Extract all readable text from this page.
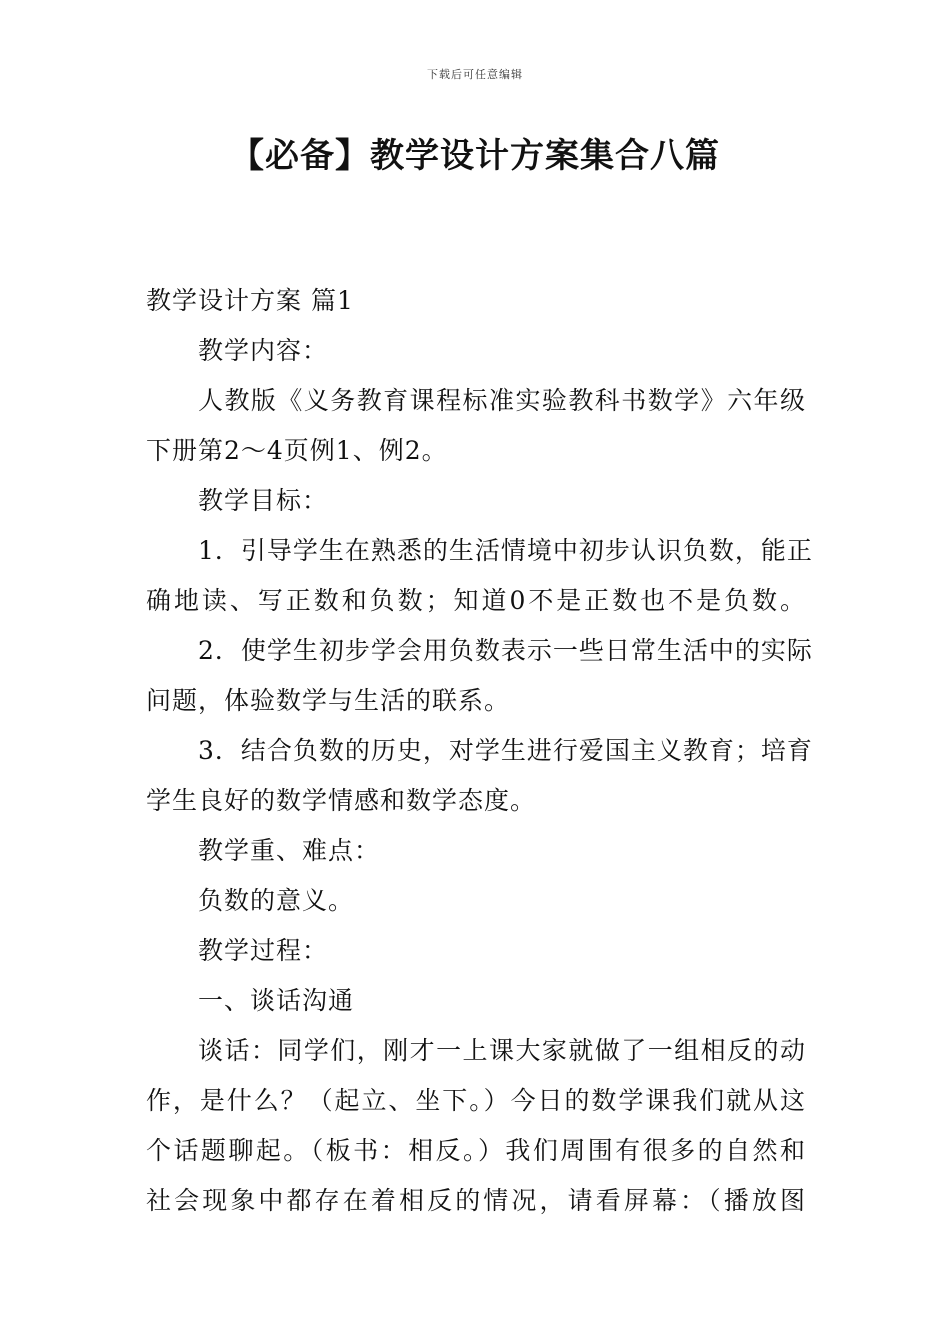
下载后可任意编辑
【必备】教学设计方案集合八篇

教学设计方案 篇1

教学内容：

人教版《义务教育课程标准实验教科书数学》六年级

下册第2～4页例1、例2。

教学目标：

1．引导学生在熟悉的生活情境中初步认识负数，能正

确地读、写正数和负数；知道0不是正数也不是负数。

2．使学生初步学会用负数表示一些日常生活中的实际

问题，体验数学与生活的联系。

3．结合负数的历史，对学生进行爱国主义教育；培育

学生良好的数学情感和数学态度。

教学重、难点：

负数的意义。

教学过程：

一、谈话沟通

谈话：同学们，刚才一上课大家就做了一组相反的动

作，是什么？（起立、坐下。）今日的数学课我们就从这

个话题聊起。（板书：相反。）我们周围有很多的自然和

社会现象中都存在着相反的情况，请看屏幕：（播放图
